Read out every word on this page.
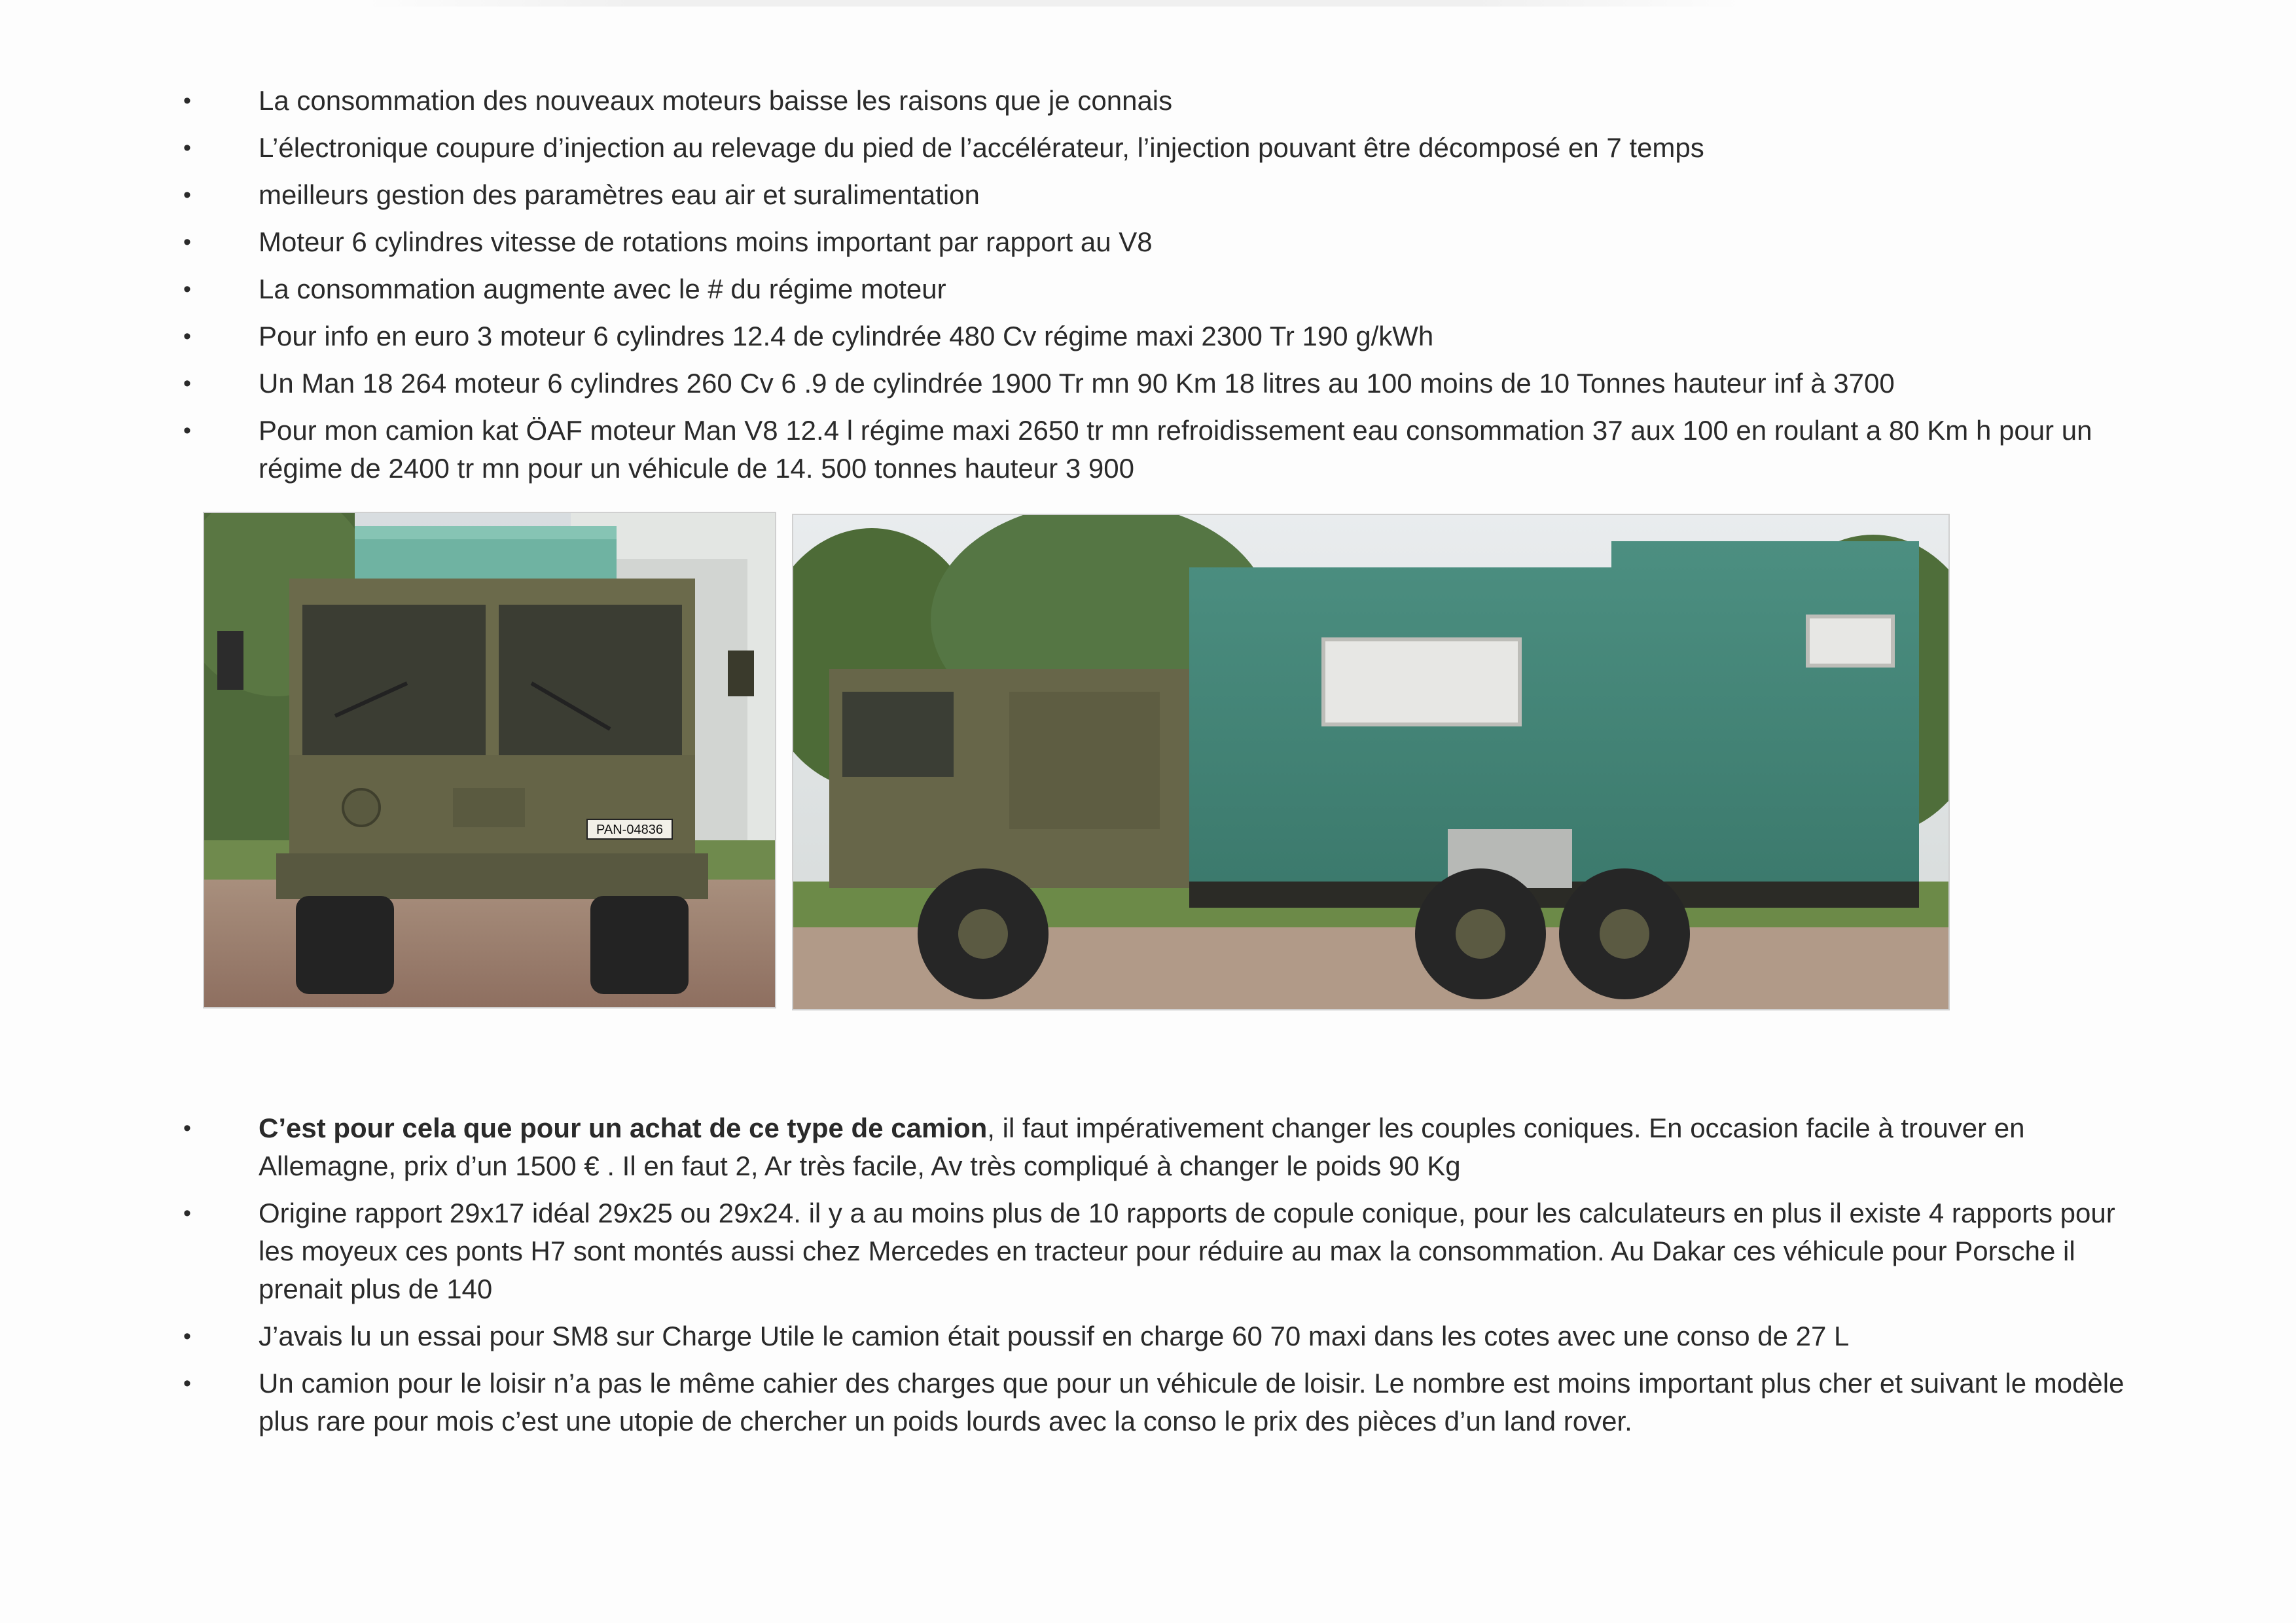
•	La consommation des nouveaux moteurs baisse les raisons que je connais
•	L’électronique coupure d’injection au relevage du pied de l’accélérateur, l’injection pouvant être décomposé en 7 temps
•	meilleurs gestion des paramètres eau air et suralimentation
•	Moteur 6 cylindres vitesse de rotations moins important par rapport au V8
•	La consommation augmente avec le # du régime moteur
•	Pour info en euro 3 moteur 6 cylindres 12.4 de cylindrée 480 Cv régime maxi 2300 Tr 190 g/kWh
•	Un Man 18 264 moteur 6 cylindres 260 Cv 6 .9 de cylindrée 1900 Tr mn 90 Km 18 litres au 100 moins de 10 Tonnes hauteur inf à 3700
•	Pour mon camion kat ÖAF moteur Man V8 12.4 l régime maxi 2650 tr mn refroidissement eau consommation 37 aux 100 en roulant a 80 Km h pour un régime de 2400 tr mn pour un véhicule de 14. 500 tonnes hauteur 3 900
PAN-04836
•	C’est pour cela que pour un achat de ce type de camion, il faut impérativement changer les couples coniques. En occasion facile à trouver en Allemagne, prix d’un 1500 € . Il en faut 2, Ar très facile, Av très compliqué à changer le poids 90 Kg
•	Origine rapport 29x17 idéal 29x25 ou 29x24. il y a au moins plus de 10 rapports de copule conique, pour les calculateurs en plus il existe 4 rapports pour les moyeux ces ponts H7 sont montés aussi chez Mercedes en tracteur pour réduire au max la consommation. Au Dakar ces véhicule pour Porsche il prenait plus de 140
•	J’avais lu un essai pour SM8 sur Charge Utile le camion était poussif en charge 60 70 maxi dans les cotes avec une conso de 27 L
•	Un camion pour le loisir n’a pas le même cahier des charges que pour un véhicule de loisir. Le nombre est moins important plus cher et suivant le modèle plus rare pour mois c’est une utopie de chercher un poids lourds avec la conso le prix des pièces d’un land rover.
